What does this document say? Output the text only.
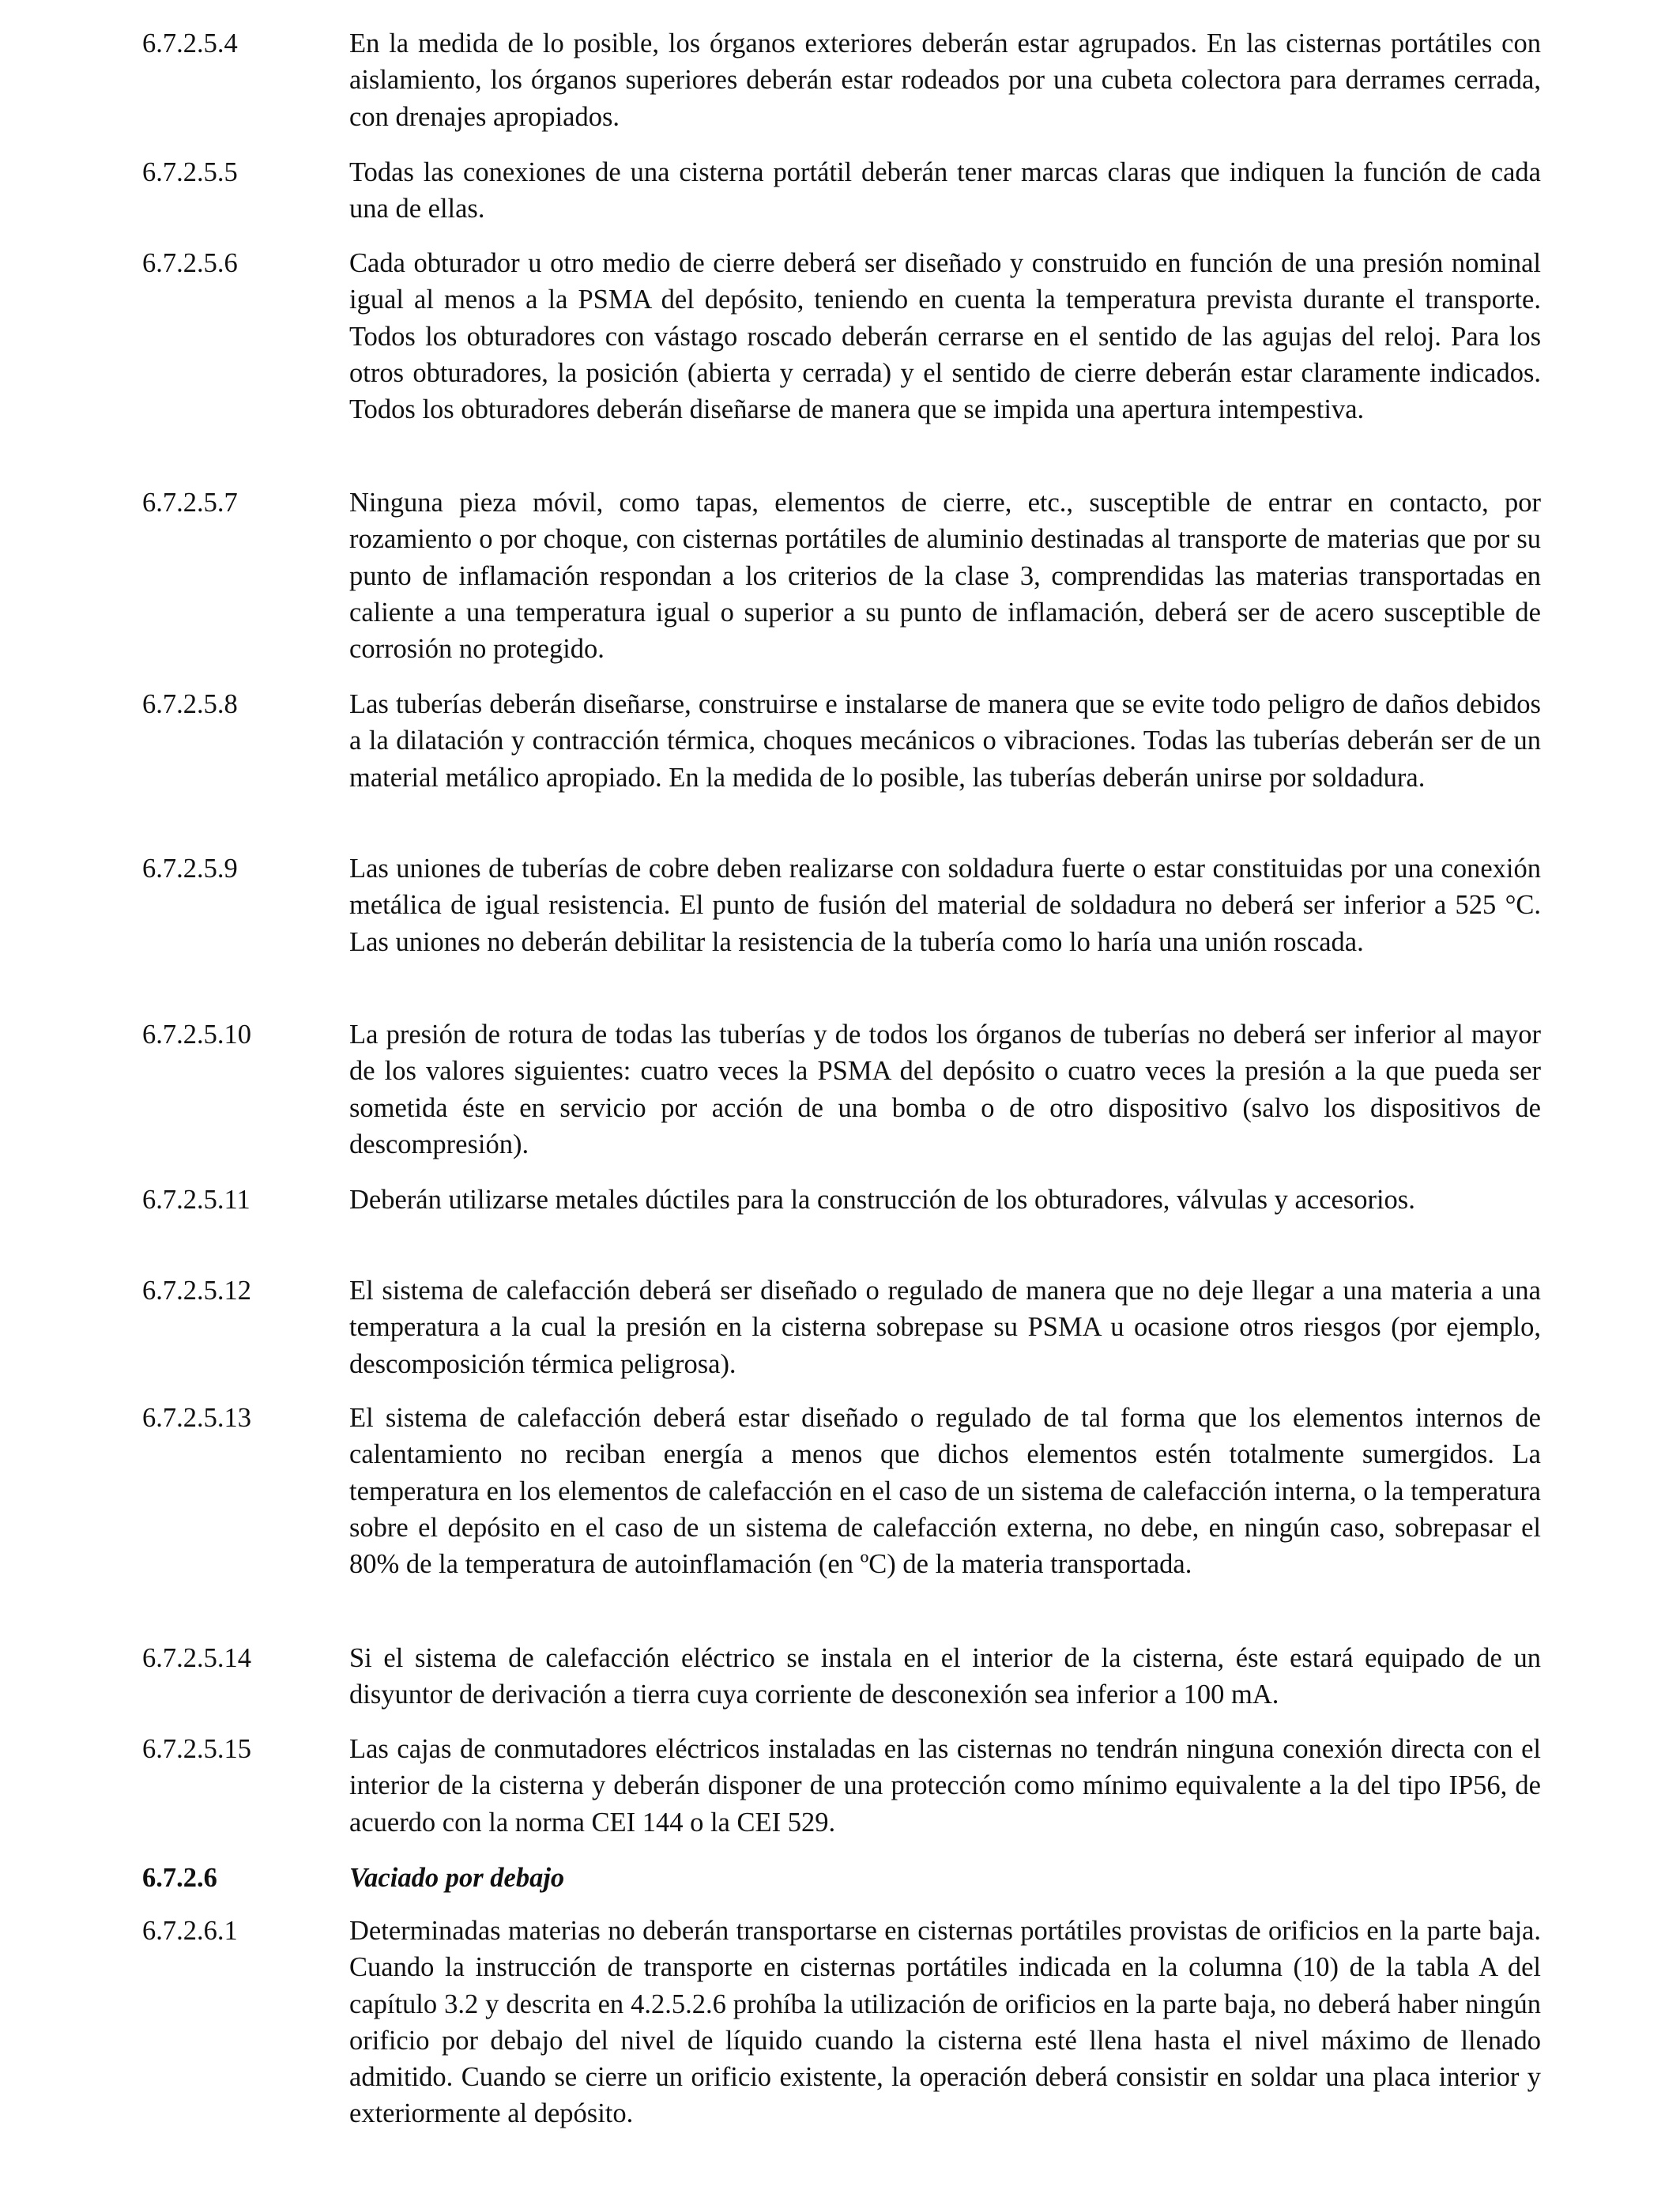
6.7.2.5.4	En la medida de lo posible, los órganos exteriores deberán estar agrupados. En las cisternas portátiles con aislamiento, los órganos superiores deberán estar rodeados por una cubeta colectora para derrames cerrada, con drenajes apropiados.
6.7.2.5.5	Todas las conexiones de una cisterna portátil deberán tener marcas claras que indiquen la función de cada una de ellas.
6.7.2.5.6	Cada obturador u otro medio de cierre deberá ser diseñado y construido en función de una presión nominal igual al menos a la PSMA del depósito, teniendo en cuenta la temperatura prevista durante el transporte. Todos los obturadores con vástago roscado deberán cerrarse en el sentido de las agujas del reloj. Para los otros obturadores, la posición (abierta y cerrada) y el sentido de cierre deberán estar claramente indicados. Todos los obturadores deberán diseñarse de manera que se impida una apertura intempestiva.
6.7.2.5.7	Ninguna pieza móvil, como tapas, elementos de cierre, etc., susceptible de entrar en contacto, por rozamiento o por choque, con cisternas portátiles de aluminio destinadas al transporte de materias que por su punto de inflamación respondan a los criterios de la clase 3, comprendidas las materias transportadas en caliente a una temperatura igual o superior a su punto de inflamación, deberá ser de acero susceptible de corrosión no protegido.
6.7.2.5.8	Las tuberías deberán diseñarse, construirse e instalarse de manera que se evite todo peligro de daños debidos a la dilatación y contracción térmica, choques mecánicos o vibraciones. Todas las tuberías deberán ser de un material metálico apropiado. En la medida de lo posible, las tuberías deberán unirse por soldadura.
6.7.2.5.9	Las uniones de tuberías de cobre deben realizarse con soldadura fuerte o estar constituidas por una conexión metálica de igual resistencia. El punto de fusión del material de soldadura no deberá ser inferior a 525 °C. Las uniones no deberán debilitar la resistencia de la tubería como lo haría una unión roscada.
6.7.2.5.10	La presión de rotura de todas las tuberías y de todos los órganos de tuberías no deberá ser inferior al mayor de los valores siguientes: cuatro veces la PSMA del depósito o cuatro veces la presión a la que pueda ser sometida éste en servicio por acción de una bomba o de otro dispositivo (salvo los dispositivos de descompresión).
6.7.2.5.11	Deberán utilizarse metales dúctiles para la construcción de los obturadores, válvulas y accesorios.
6.7.2.5.12	El sistema de calefacción deberá ser diseñado o regulado de manera que no deje llegar a una materia a una temperatura a la cual la presión en la cisterna sobrepase su PSMA u ocasione otros riesgos (por ejemplo, descomposición térmica peligrosa).
6.7.2.5.13	El sistema de calefacción deberá estar diseñado o regulado de tal forma que los elementos internos de calentamiento no reciban energía a menos que dichos elementos estén totalmente sumergidos. La temperatura en los elementos de calefacción en el caso de un sistema de calefacción interna, o la temperatura sobre el depósito en el caso de un sistema de calefacción externa, no debe, en ningún caso, sobrepasar el 80% de la temperatura de autoinflamación (en ºC) de la materia transportada.
6.7.2.5.14	Si el sistema de calefacción eléctrico se instala en el interior de la cisterna, éste estará equipado de un disyuntor de derivación a tierra cuya corriente de desconexión sea inferior a 100 mA.
6.7.2.5.15	Las cajas de conmutadores eléctricos instaladas en las cisternas no tendrán ninguna conexión directa con el interior de la cisterna y deberán disponer de una protección como mínimo equivalente a la del tipo IP56, de acuerdo con la norma CEI 144 o la CEI 529.
6.7.2.6	Vaciado por debajo
6.7.2.6.1	Determinadas materias no deberán transportarse en cisternas portátiles provistas de orificios en la parte baja. Cuando la instrucción de transporte en cisternas portátiles indicada en la columna (10) de la tabla A del capítulo 3.2 y descrita en 4.2.5.2.6 prohíba la utilización de orificios en la parte baja, no deberá haber ningún orificio por debajo del nivel de líquido cuando la cisterna esté llena hasta el nivel máximo de llenado admitido. Cuando se cierre un orificio existente, la operación deberá consistir en soldar una placa interior y exteriormente al depósito.
